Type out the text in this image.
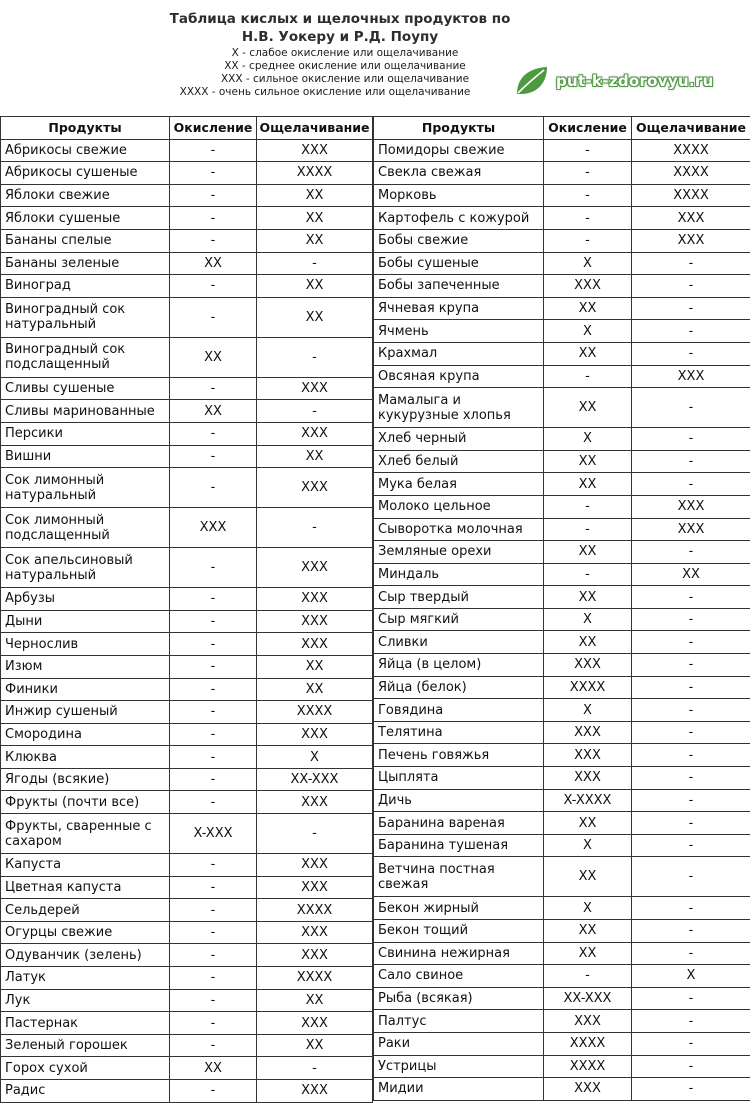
Таблица кислых и щелочных продуктов по
Н.В. Уокеру и Р.Д. Поупу
X - слабое окисление или ощелачивание
XX - среднее окисление или ощелачивание
XXX - сильное окисление или ощелачивание
XXXX - очень сильное окисление или ощелачивание
put-k-zdorovyu.ru
Продукты	Окисление	Ощелачивание
Абрикосы свежие	-	XXX
Абрикосы сушеные	-	XXXX
Яблоки свежие	-	XX
Яблоки сушеные	-	XX
Бананы спелые	-	XX
Бананы зеленые	XX	-
Виноград	-	XX
Виноградный сок натуральный	-	XX
Виноградный сок подслащенный	XX	-
Сливы сушеные	-	XXX
Сливы маринованные	XX	-
Персики	-	XXX
Вишни	-	XX
Сок лимонный натуральный	-	XXX
Сок лимонный подслащенный	XXX	-
Сок апельсиновый натуральный	-	XXX
Арбузы	-	XXX
Дыни	-	XXX
Чернослив	-	XXX
Изюм	-	XX
Финики	-	XX
Инжир сушеный	-	XXXX
Смородина	-	XXX
Клюква	-	X
Ягоды (всякие)	-	XX-XXX
Фрукты (почти все)	-	XXX
Фрукты, сваренные с сахаром	X-XXX	-
Капуста	-	XXX
Цветная капуста	-	XXX
Сельдерей	-	XXXX
Огурцы свежие	-	XXX
Одуванчик (зелень)	-	XXX
Латук	-	XXXX
Лук	-	XX
Пастернак	-	XXX
Зеленый горошек	-	XX
Горох сухой	XX	-
Радис	-	XXX
Продукты	Окисление	Ощелачивание
Помидоры свежие	-	XXXX
Свекла свежая	-	XXXX
Морковь	-	XXXX
Картофель с кожурой	-	XXX
Бобы свежие	-	XXX
Бобы сушеные	X	-
Бобы запеченные	XXX	-
Ячневая крупа	XX	-
Ячмень	X	-
Крахмал	XX	-
Овсяная крупа	-	XXX
Мамалыга и кукурузные хлопья	XX	-
Хлеб черный	X	-
Хлеб белый	XX	-
Мука белая	XX	-
Молоко цельное	-	XXX
Сыворотка молочная	-	XXX
Земляные орехи	XX	-
Миндаль	-	XX
Сыр твердый	XX	-
Сыр мягкий	X	-
Сливки	XX	-
Яйца (в целом)	XXX	-
Яйца (белок)	XXXX	-
Говядина	X	-
Телятина	XXX	-
Печень говяжья	XXX	-
Цыплята	XXX	-
Дичь	X-XXXX	-
Баранина вареная	XX	-
Баранина тушеная	X	-
Ветчина постная свежая	XX	-
Бекон жирный	X	-
Бекон тощий	XX	-
Свинина нежирная	XX	-
Сало свиное	-	X
Рыба (всякая)	XX-XXX	-
Палтус	XXX	-
Раки	XXXX	-
Устрицы	XXXX	-
Мидии	XXX	-
